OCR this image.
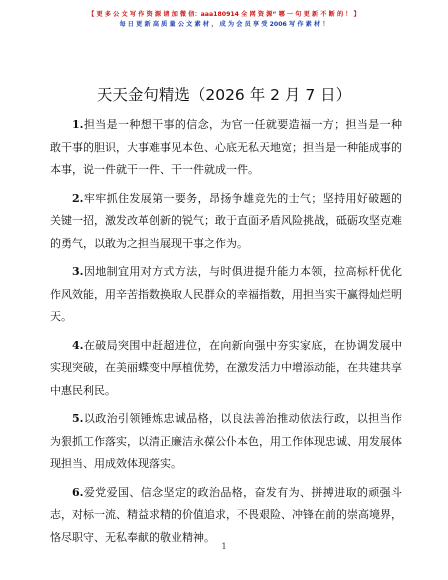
【 更 多 公 文 写 作 资 源 请 加 微 信：aaa180914 全 网 资 源“ 哪 一 句 更 新 不 断 的 ！ 】
每 日 更 新 高 质 量 公 文 素 材 ， 成 为 会 员 享 受 2006 写 作 素 材 ！
天天金句精选（2026 年 2 月 7 日）

1.担当是一种想干事的信念，为官一任就要造福一方；担当是一种敢干事的胆识，大事难事见本色、心底无私天地宽；担当是一种能成事的本事，说一件就干一件、干一件就成一件。

2.牢牢抓住发展第一要务，昂扬争雄竞先的士气；坚持用好破题的关键一招，激发改革创新的锐气；敢于直面矛盾风险挑战，砥砺攻坚克难的勇气，以敢为之担当展现干事之作为。

3.因地制宜用对方式方法，与时俱进提升能力本领，拉高标杆优化作风效能，用辛苦指数换取人民群众的幸福指数，用担当实干赢得灿烂明天。

4.在破局突围中赶超进位，在向新向强中夯实家底，在协调发展中实现突破，在美丽蝶变中厚植优势，在激发活力中增添动能，在共建共享中惠民利民。

5.以政治引领锤炼忠诚品格，以良法善治推动依法行政，以担当作为狠抓工作落实，以清正廉洁永葆公仆本色，用工作体现忠诚、用发展体现担当、用成效体现落实。

6.爱党爱国、信念坚定的政治品格，奋发有为、拼搏进取的顽强斗志，对标一流、精益求精的价值追求，不畏艰险、冲锋在前的崇高境界，恪尽职守、无私奉献的敬业精神。

1
